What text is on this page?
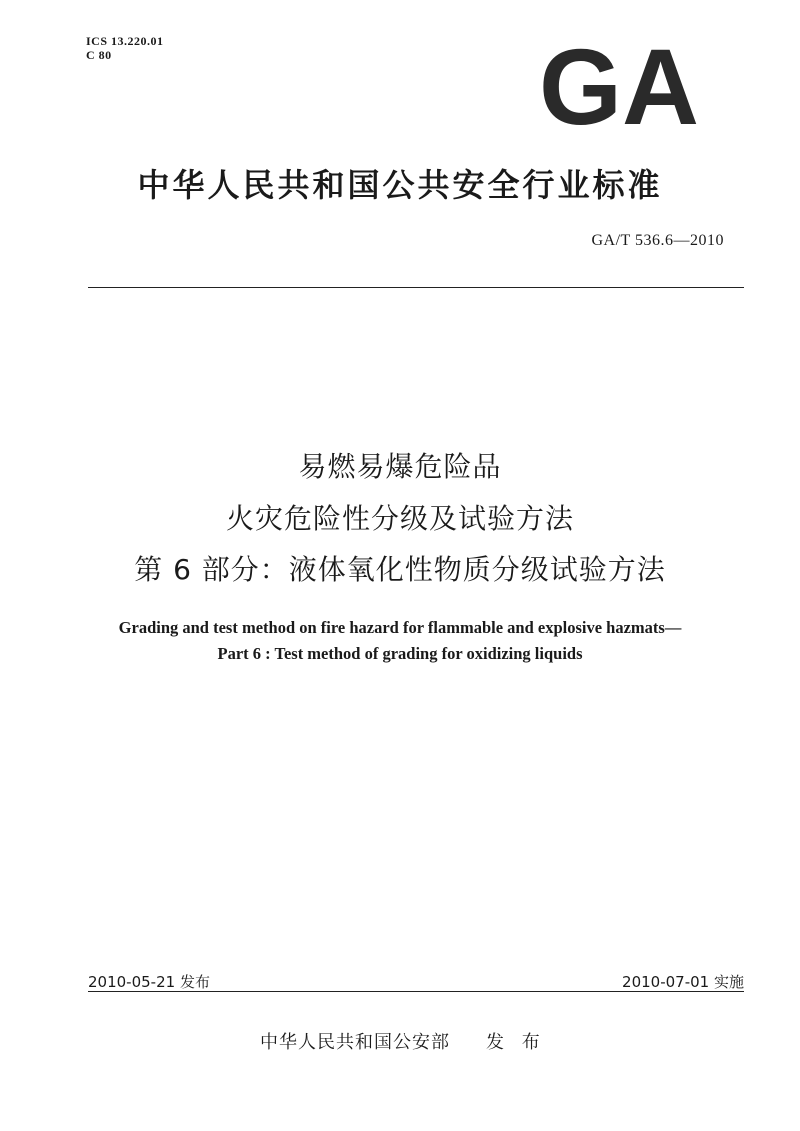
ICS 13.220.01
C 80	GA
中华人民共和国公共安全行业标准
GA/T 536.6—2010
易燃易爆危险品
火灾危险性分级及试验方法
第 6 部分：液体氧化性物质分级试验方法
Grading and test method on fire hazard for flammable and explosive hazmats—
Part 6 : Test method of grading for oxidizing liquids
2010-05-21 发布	2010-07-01 实施
中华人民共和国公安部 发 布
